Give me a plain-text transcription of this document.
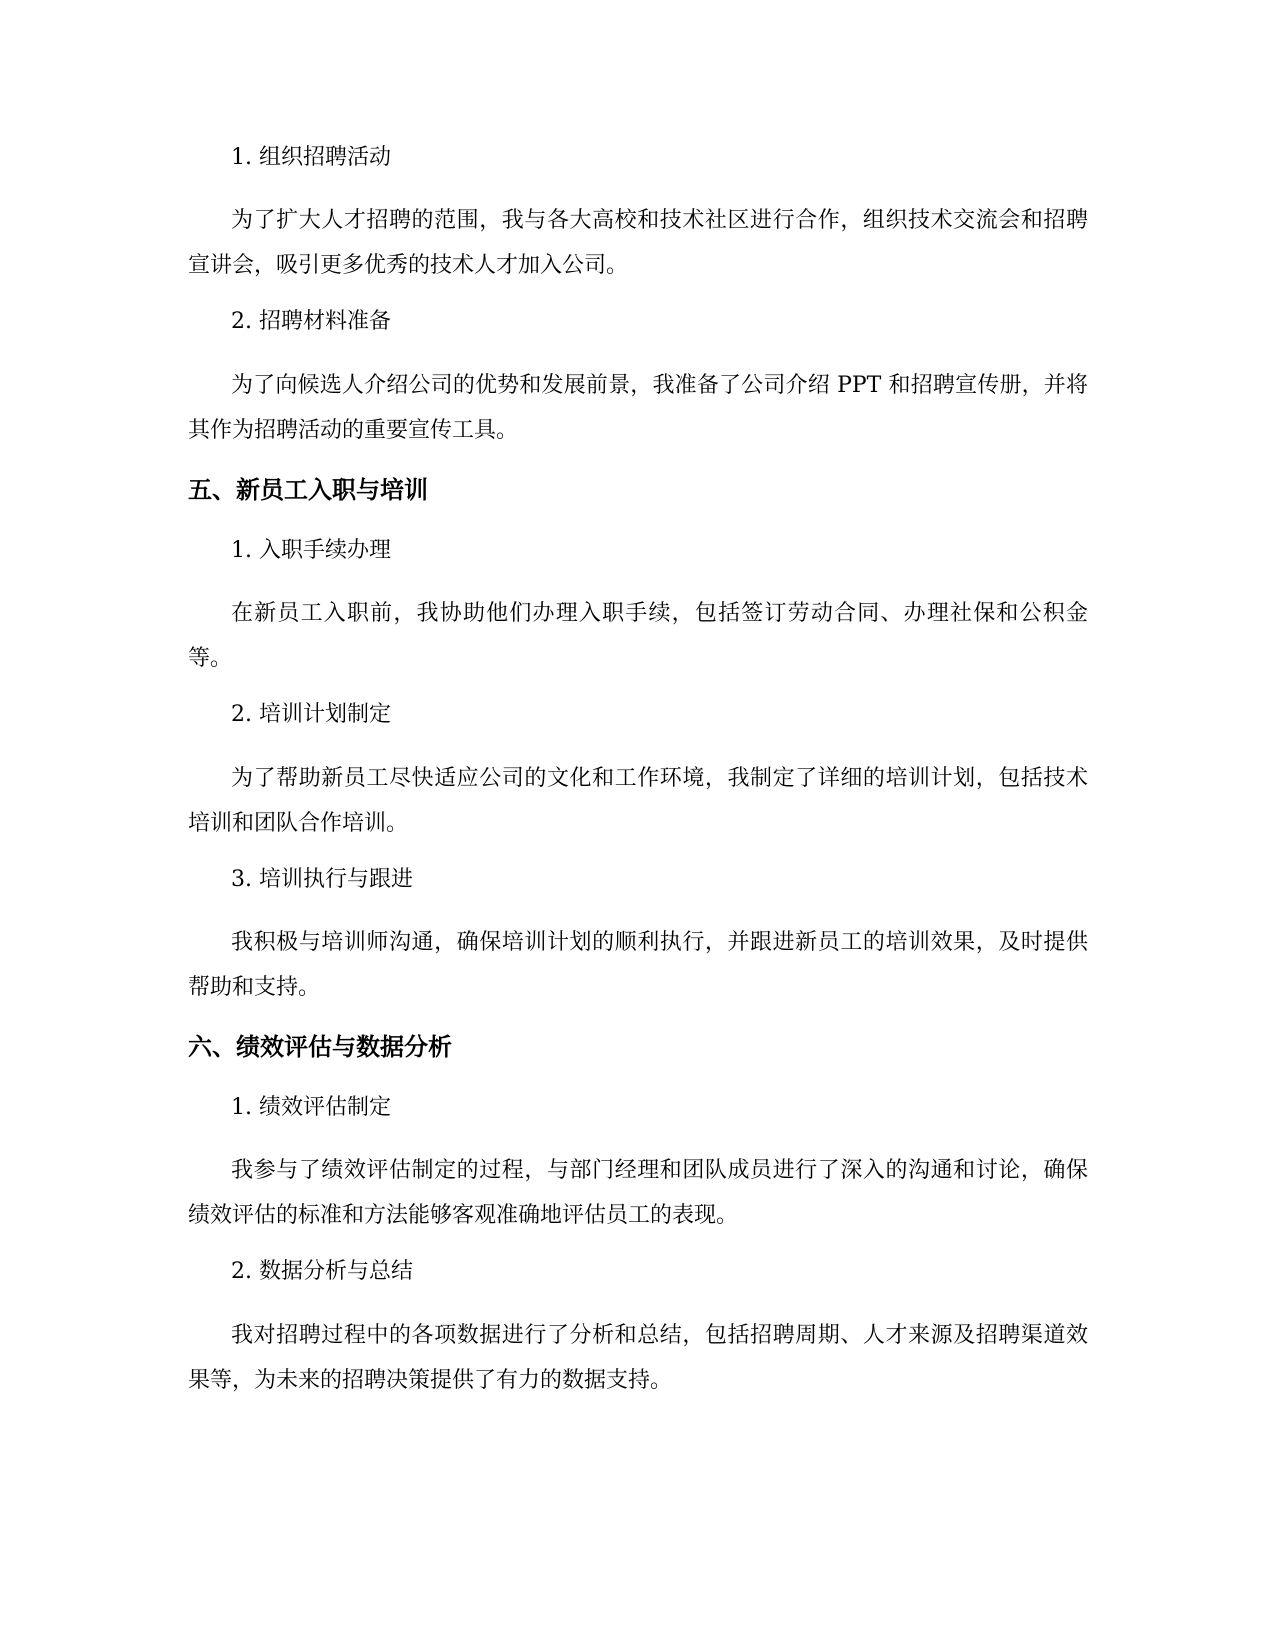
1. 组织招聘活动
为了扩大人才招聘的范围，我与各大高校和技术社区进行合作，组织技术交流会和招聘宣讲会，吸引更多优秀的技术人才加入公司。
2. 招聘材料准备
为了向候选人介绍公司的优势和发展前景，我准备了公司介绍 PPT 和招聘宣传册，并将其作为招聘活动的重要宣传工具。
五、新员工入职与培训
1. 入职手续办理
在新员工入职前，我协助他们办理入职手续，包括签订劳动合同、办理社保和公积金等。
2. 培训计划制定
为了帮助新员工尽快适应公司的文化和工作环境，我制定了详细的培训计划，包括技术培训和团队合作培训。
3. 培训执行与跟进
我积极与培训师沟通，确保培训计划的顺利执行，并跟进新员工的培训效果，及时提供帮助和支持。
六、绩效评估与数据分析
1. 绩效评估制定
我参与了绩效评估制定的过程，与部门经理和团队成员进行了深入的沟通和讨论，确保绩效评估的标准和方法能够客观准确地评估员工的表现。
2. 数据分析与总结
我对招聘过程中的各项数据进行了分析和总结，包括招聘周期、人才来源及招聘渠道效果等，为未来的招聘决策提供了有力的数据支持。
